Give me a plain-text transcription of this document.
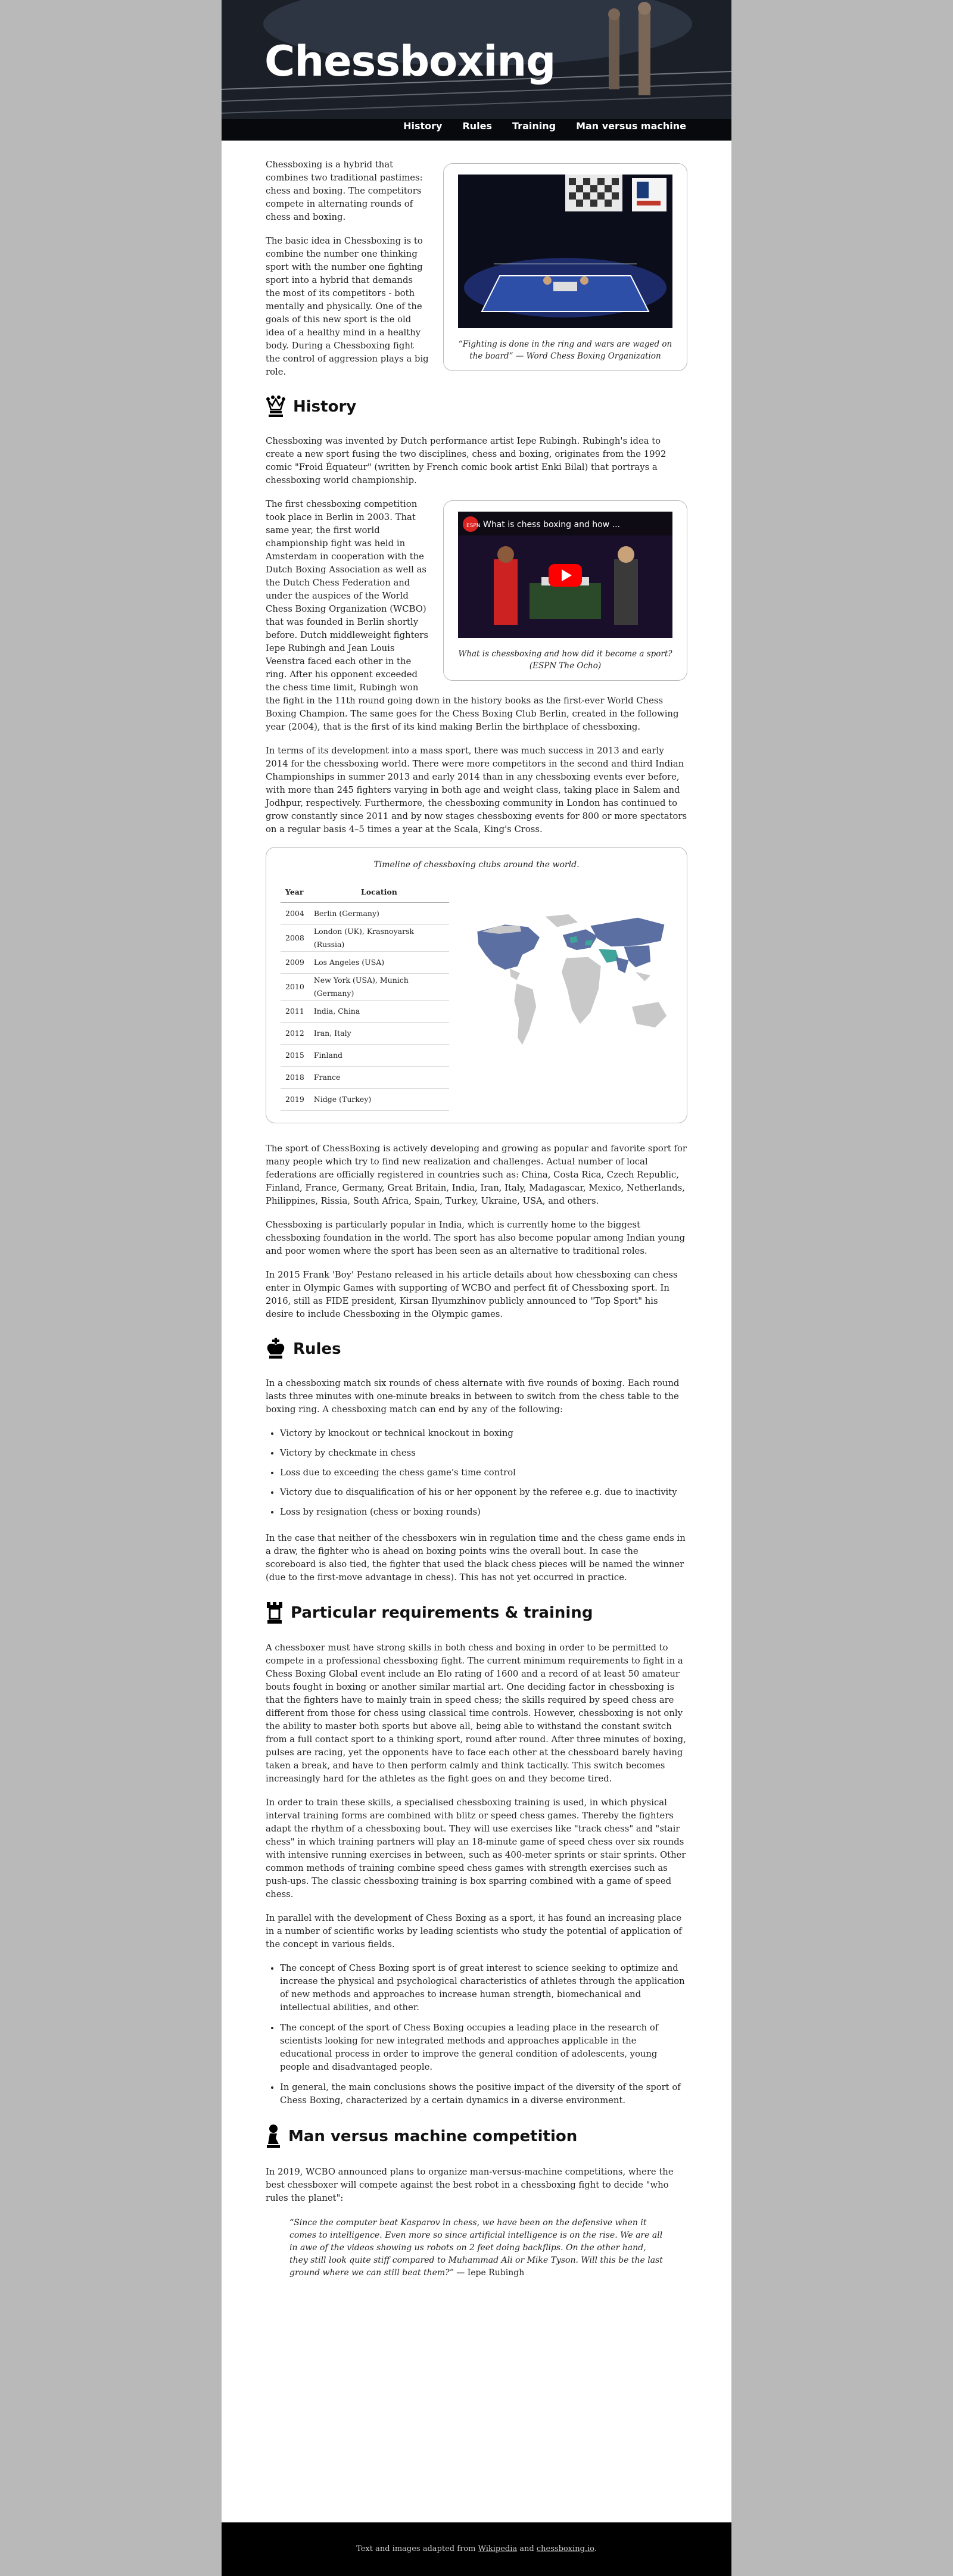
Chessboxing
History Rules Training Man versus machine
“Fighting is done in the ring and wars are waged on the board” — Word Chess Boxing Organization

Chessboxing is a hybrid that combines two traditional pastimes: chess and boxing. The competitors compete in alternating rounds of chess and boxing.

The basic idea in Chessboxing is to combine the number one thinking sport with the number one fighting sport into a hybrid that demands the most of its competitors - both mentally and physically. One of the goals of this new sport is the old idea of a healthy mind in a healthy body. During a Chessboxing fight the control of aggression plays a big role.

History

Chessboxing was invented by Dutch performance artist Iepe Rubingh. Rubingh's idea to create a new sport fusing the two disciplines, chess and boxing, originates from the 1992 comic "Froid Équateur" (written by French comic book artist Enki Bilal) that portrays a chessboxing world championship.

ESPN What is chess boxing and how ...
What is chessboxing and how did it become a sport? (ESPN The Ocho)

The first chessboxing competition took place in Berlin in 2003. That same year, the first world championship fight was held in Amsterdam in cooperation with the Dutch Boxing Association as well as the Dutch Chess Federation and under the auspices of the World Chess Boxing Organization (WCBO) that was founded in Berlin shortly before. Dutch middleweight fighters Iepe Rubingh and Jean Louis Veenstra faced each other in the ring. After his opponent exceeded the chess time limit, Rubingh won the fight in the 11th round going down in the history books as the first-ever World Chess Boxing Champion. The same goes for the Chess Boxing Club Berlin, created in the following year (2004), that is the first of its kind making Berlin the birthplace of chessboxing.

In terms of its development into a mass sport, there was much success in 2013 and early 2014 for the chessboxing world. There were more competitors in the second and third Indian Championships in summer 2013 and early 2014 than in any chessboxing events ever before, with more than 245 fighters varying in both age and weight class, taking place in Salem and Jodhpur, respectively. Furthermore, the chessboxing community in London has continued to grow constantly since 2011 and by now stages chessboxing events for 800 or more spectators on a regular basis 4–5 times a year at the Scala, King's Cross.

Timeline of chessboxing clubs around the world.
Year	Location
2004	Berlin (Germany)
2008	London (UK), Krasnoyarsk (Russia)
2009	Los Angeles (USA)
2010	New York (USA), Munich (Germany)
2011	India, China
2012	Iran, Italy
2015	Finland
2018	France
2019	Nidge (Turkey)

The sport of ChessBoxing is actively developing and growing as popular and favorite sport for many people which try to find new realization and challenges. Actual number of local federations are officially registered in countries such as: China, Costa Rica, Czech Republic, Finland, France, Germany, Great Britain, India, Iran, Italy, Madagascar, Mexico, Netherlands, Philippines, Rissia, South Africa, Spain, Turkey, Ukraine, USA, and others.

Chessboxing is particularly popular in India, which is currently home to the biggest chessboxing foundation in the world. The sport has also become popular among Indian young and poor women where the sport has been seen as an alternative to traditional roles.

In 2015 Frank 'Boy' Pestano released in his article details about how chessboxing can chess enter in Olympic Games with supporting of WCBO and perfect fit of Chessboxing sport. In 2016, still as FIDE president, Kirsan Ilyumzhinov publicly announced to "Top Sport" his desire to include Chessboxing in the Olympic games.

Rules

In a chessboxing match six rounds of chess alternate with five rounds of boxing. Each round lasts three minutes with one-minute breaks in between to switch from the chess table to the boxing ring. A chessboxing match can end by any of the following:

• Victory by knockout or technical knockout in boxing
• Victory by checkmate in chess
• Loss due to exceeding the chess game's time control
• Victory due to disqualification of his or her opponent by the referee e.g. due to inactivity
• Loss by resignation (chess or boxing rounds)

In the case that neither of the chessboxers win in regulation time and the chess game ends in a draw, the fighter who is ahead on boxing points wins the overall bout. In case the scoreboard is also tied, the fighter that used the black chess pieces will be named the winner (due to the first-move advantage in chess). This has not yet occurred in practice.

Particular requirements & training

A chessboxer must have strong skills in both chess and boxing in order to be permitted to compete in a professional chessboxing fight. The current minimum requirements to fight in a Chess Boxing Global event include an Elo rating of 1600 and a record of at least 50 amateur bouts fought in boxing or another similar martial art. One deciding factor in chessboxing is that the fighters have to mainly train in speed chess; the skills required by speed chess are different from those for chess using classical time controls. However, chessboxing is not only the ability to master both sports but above all, being able to withstand the constant switch from a full contact sport to a thinking sport, round after round. After three minutes of boxing, pulses are racing, yet the opponents have to face each other at the chessboard barely having taken a break, and have to then perform calmly and think tactically. This switch becomes increasingly hard for the athletes as the fight goes on and they become tired.

In order to train these skills, a specialised chessboxing training is used, in which physical interval training forms are combined with blitz or speed chess games. Thereby the fighters adapt the rhythm of a chessboxing bout. They will use exercises like "track chess" and "stair chess" in which training partners will play an 18-minute game of speed chess over six rounds with intensive running exercises in between, such as 400-meter sprints or stair sprints. Other common methods of training combine speed chess games with strength exercises such as push-ups. The classic chessboxing training is box sparring combined with a game of speed chess.

In parallel with the development of Chess Boxing as a sport, it has found an increasing place in a number of scientific works by leading scientists who study the potential of application of the concept in various fields.

• The concept of Chess Boxing sport is of great interest to science seeking to optimize and increase the physical and psychological characteristics of athletes through the application of new methods and approaches to increase human strength, biomechanical and intellectual abilities, and other.
• The concept of the sport of Chess Boxing occupies a leading place in the research of scientists looking for new integrated methods and approaches applicable in the educational process in order to improve the general condition of adolescents, young people and disadvantaged people.
• In general, the main conclusions shows the positive impact of the diversity of the sport of Chess Boxing, characterized by a certain dynamics in a diverse environment.
Man versus machine competition

In 2019, WCBO announced plans to organize man-versus-machine competitions, where the best chessboxer will compete against the best robot in a chessboxing fight to decide "who rules the planet":

“Since the computer beat Kasparov in chess, we have been on the defensive when it comes to intelligence. Even more so since artificial intelligence is on the rise. We are all in awe of the videos showing us robots on 2 feet doing backflips. On the other hand, they still look quite stiff compared to Muhammad Ali or Mike Tyson. Will this be the last ground where we can still beat them?” — Iepe Rubingh
Text and images adapted from Wikipedia and chessboxing.io.
